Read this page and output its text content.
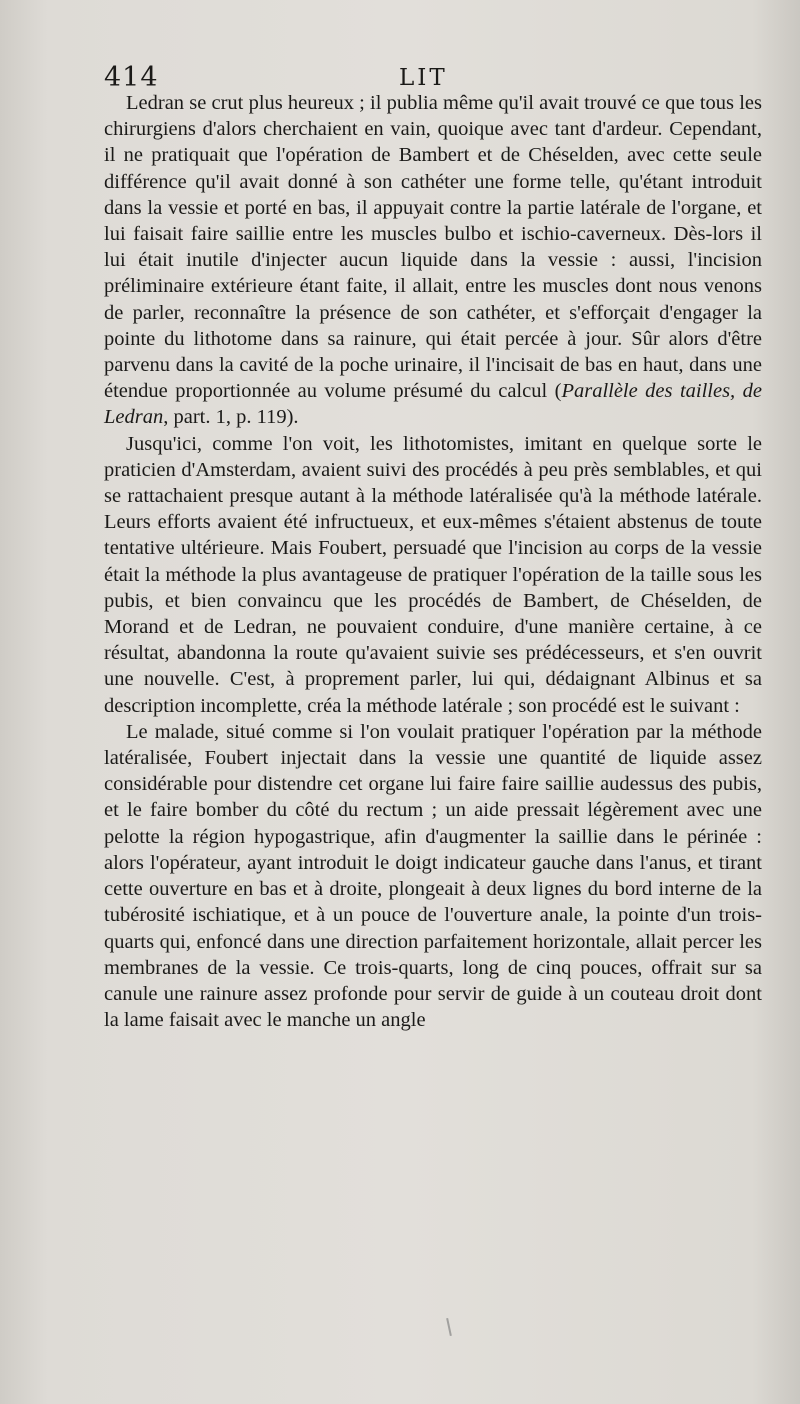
414	LIT

Ledran se crut plus heureux ; il publia même qu'il avait trouvé ce que tous les chirurgiens d'alors cherchaient en vain, quoique avec tant d'ardeur. Cependant, il ne pratiquait que l'opération de Bambert et de Chéselden, avec cette seule différence qu'il avait donné à son cathéter une forme telle, qu'étant introduit dans la vessie et porté en bas, il appuyait contre la partie latérale de l'organe, et lui faisait faire saillie entre les muscles bulbo et ischio-caverneux. Dès-lors il lui était inutile d'injecter aucun liquide dans la vessie : aussi, l'incision préliminaire extérieure étant faite, il allait, entre les muscles dont nous venons de parler, reconnaître la présence de son cathéter, et s'efforçait d'engager la pointe du lithotome dans sa rainure, qui était percée à jour. Sûr alors d'être parvenu dans la cavité de la poche urinaire, il l'incisait de bas en haut, dans une étendue proportionnée au volume présumé du calcul (Parallèle des tailles, de Ledran, part. 1, p. 119).

Jusqu'ici, comme l'on voit, les lithotomistes, imitant en quelque sorte le praticien d'Amsterdam, avaient suivi des procédés à peu près semblables, et qui se rattachaient presque autant à la méthode latéralisée qu'à la méthode latérale. Leurs efforts avaient été infructueux, et eux-mêmes s'étaient abstenus de toute tentative ultérieure. Mais Foubert, persuadé que l'incision au corps de la vessie était la méthode la plus avantageuse de pratiquer l'opération de la taille sous les pubis, et bien convaincu que les procédés de Bambert, de Chéselden, de Morand et de Ledran, ne pouvaient conduire, d'une manière certaine, à ce résultat, abandonna la route qu'avaient suivie ses prédécesseurs, et s'en ouvrit une nouvelle. C'est, à proprement parler, lui qui, dédaignant Albinus et sa description incomplette, créa la méthode latérale ; son procédé est le suivant :

Le malade, situé comme si l'on voulait pratiquer l'opération par la méthode latéralisée, Foubert injectait dans la vessie une quantité de liquide assez considérable pour distendre cet organe lui faire faire saillie audessus des pubis, et le faire bomber du côté du rectum ; un aide pressait légèrement avec une pelotte la région hypogastrique, afin d'augmenter la saillie dans le périnée : alors l'opérateur, ayant introduit le doigt indicateur gauche dans l'anus, et tirant cette ouverture en bas et à droite, plongeait à deux lignes du bord interne de la tubérosité ischiatique, et à un pouce de l'ouverture anale, la pointe d'un trois-quarts qui, enfoncé dans une direction parfaitement horizontale, allait percer les membranes de la vessie. Ce trois-quarts, long de cinq pouces, offrait sur sa canule une rainure assez profonde pour servir de guide à un couteau droit dont la lame faisait avec le manche un angle
